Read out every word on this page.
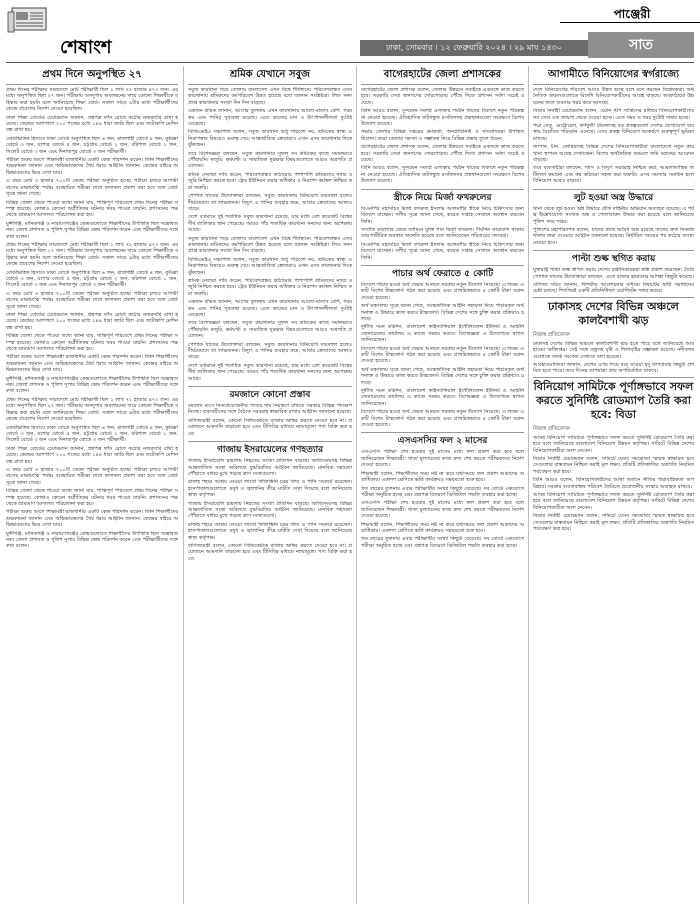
পাঞ্জেরী
শেষাংশ	ঢাকা, সোমবার । ১২ ফেব্রুয়ারি ২০২৪ । ২৯ মাঘ ১৪৩০	সাত
প্রথম দিনে অনুপস্থিত ২৭

প্রথম দিনের পরীক্ষায় সারাদেশে মোট পরীক্ষার্থী ছিল ১ লাখ ৭২ হাজার ৪৭৩ জন। এর মধ্যে অনুপস্থিত ছিল ২৭ জন। পরীক্ষায় অসদুপায় অবলম্বনের দায়ে কোনো শিক্ষার্থীকে বহিষ্কার করা হয়নি বলে জানিয়েছে শিক্ষা বোর্ড। সকাল সাড়ে ৯টার মধ্যে পরীক্ষার্থীদের কেন্দ্রে প্রবেশের নির্দেশ দেওয়া হয়েছিল।

ঢাকা শিক্ষা বোর্ডের চেয়ারম্যান জানান, প্রশ্নপত্র ফাঁস রোধে কঠোর নজরদারি রাখা হয়েছে। কেন্দ্রের আশপাশে ২০০ গজের মধ্যে ১৪৪ ধারা জারি ছিল এবং ফটোকপি মেশিন বন্ধ রাখা হয়।

বোর্ডভিত্তিক হিসাবে ঢাকা বোর্ডে অনুপস্থিত ছিল ৬ জন, রাজশাহী বোর্ডে ৪ জন, কুমিল্লা বোর্ডে ৩ জন, যশোর বোর্ডে ৫ জন, চট্টগ্রাম বোর্ডে ২ জন, বরিশাল বোর্ডে ১ জন, সিলেট বোর্ডে ৩ জন এবং দিনাজপুর বোর্ডে ৩ জন পরীক্ষার্থী।

পরীক্ষা শুরুর আগে শিক্ষামন্ত্রী রাজধানীর একটি কেন্দ্র পরিদর্শন করেন। তিনি শিক্ষার্থীদের শুভকামনা জানান এবং অভিভাবকদের ধৈর্য ধরার আহ্বান জানান। কেন্দ্রের বাইরে অভিভাবকদের ভিড় দেখা যায়।

এ বছর মোট ৩ হাজার ৭০০টি কেন্দ্রে পরীক্ষা অনুষ্ঠিত হচ্ছে। পরীক্ষা চলবে আগামী মাসের মাঝামাঝি পর্যন্ত। ব্যবহারিক পরীক্ষা শেষে ফলাফল প্রকাশ করা হবে বলে বোর্ড সূত্রে জানা গেছে।

বিভিন্ন জেলা থেকে পাওয়া তথ্যে জানা যায়, শান্তিপূর্ণ পরিবেশে প্রথম দিনের পরীক্ষা সম্পন্ন হয়েছে। কোথাও কোনো অপ্রীতিকর ঘটনার খবর পাওয়া যায়নি। প্রশাসনের পক্ষ থেকে ভ্রাম্যমাণ আদালত পরিচালনা করা হয়।

মুন্সীগঞ্জ, মানিকগঞ্জ ও নারায়ণগঞ্জের কেন্দ্রগুলোতে শিক্ষার্থীদের উপস্থিতি ছিল সন্তোষজনক। জেলা প্রশাসক ও পুলিশ সুপার বিভিন্ন কেন্দ্র পরিদর্শন করেন এবং পরীক্ষার্থীদের সঙ্গে কথা বলেন।

প্রথম দিনের পরীক্ষায় সারাদেশে মোট পরীক্ষার্থী ছিল ১ লাখ ৭২ হাজার ৪৭৩ জন। এর মধ্যে অনুপস্থিত ছিল ২৭ জন। পরীক্ষায় অসদুপায় অবলম্বনের দায়ে কোনো শিক্ষার্থীকে বহিষ্কার করা হয়নি বলে জানিয়েছে শিক্ষা বোর্ড। সকাল সাড়ে ৯টার মধ্যে পরীক্ষার্থীদের কেন্দ্রে প্রবেশের নির্দেশ দেওয়া হয়েছিল।

বোর্ডভিত্তিক হিসাবে ঢাকা বোর্ডে অনুপস্থিত ছিল ৬ জন, রাজশাহী বোর্ডে ৪ জন, কুমিল্লা বোর্ডে ৩ জন, যশোর বোর্ডে ৫ জন, চট্টগ্রাম বোর্ডে ২ জন, বরিশাল বোর্ডে ১ জন, সিলেট বোর্ডে ৩ জন এবং দিনাজপুর বোর্ডে ৩ জন পরীক্ষার্থী।

এ বছর মোট ৩ হাজার ৭০০টি কেন্দ্রে পরীক্ষা অনুষ্ঠিত হচ্ছে। পরীক্ষা চলবে আগামী মাসের মাঝামাঝি পর্যন্ত। ব্যবহারিক পরীক্ষা শেষে ফলাফল প্রকাশ করা হবে বলে বোর্ড সূত্রে জানা গেছে।

ঢাকা শিক্ষা বোর্ডের চেয়ারম্যান জানান, প্রশ্নপত্র ফাঁস রোধে কঠোর নজরদারি রাখা হয়েছে। কেন্দ্রের আশপাশে ২০০ গজের মধ্যে ১৪৪ ধারা জারি ছিল এবং ফটোকপি মেশিন বন্ধ রাখা হয়।

বিভিন্ন জেলা থেকে পাওয়া তথ্যে জানা যায়, শান্তিপূর্ণ পরিবেশে প্রথম দিনের পরীক্ষা সম্পন্ন হয়েছে। কোথাও কোনো অপ্রীতিকর ঘটনার খবর পাওয়া যায়নি। প্রশাসনের পক্ষ থেকে ভ্রাম্যমাণ আদালত পরিচালনা করা হয়।

পরীক্ষা শুরুর আগে শিক্ষামন্ত্রী রাজধানীর একটি কেন্দ্র পরিদর্শন করেন। তিনি শিক্ষার্থীদের শুভকামনা জানান এবং অভিভাবকদের ধৈর্য ধরার আহ্বান জানান। কেন্দ্রের বাইরে অভিভাবকদের ভিড় দেখা যায়।

মুন্সীগঞ্জ, মানিকগঞ্জ ও নারায়ণগঞ্জের কেন্দ্রগুলোতে শিক্ষার্থীদের উপস্থিতি ছিল সন্তোষজনক। জেলা প্রশাসক ও পুলিশ সুপার বিভিন্ন কেন্দ্র পরিদর্শন করেন এবং পরীক্ষার্থীদের সঙ্গে কথা বলেন।

প্রথম দিনের পরীক্ষায় সারাদেশে মোট পরীক্ষার্থী ছিল ১ লাখ ৭২ হাজার ৪৭৩ জন। এর মধ্যে অনুপস্থিত ছিল ২৭ জন। পরীক্ষায় অসদুপায় অবলম্বনের দায়ে কোনো শিক্ষার্থীকে বহিষ্কার করা হয়নি বলে জানিয়েছে শিক্ষা বোর্ড। সকাল সাড়ে ৯টার মধ্যে পরীক্ষার্থীদের কেন্দ্রে প্রবেশের নির্দেশ দেওয়া হয়েছিল।

বোর্ডভিত্তিক হিসাবে ঢাকা বোর্ডে অনুপস্থিত ছিল ৬ জন, রাজশাহী বোর্ডে ৪ জন, কুমিল্লা বোর্ডে ৩ জন, যশোর বোর্ডে ৫ জন, চট্টগ্রাম বোর্ডে ২ জন, বরিশাল বোর্ডে ১ জন, সিলেট বোর্ডে ৩ জন এবং দিনাজপুর বোর্ডে ৩ জন পরীক্ষার্থী।

ঢাকা শিক্ষা বোর্ডের চেয়ারম্যান জানান, প্রশ্নপত্র ফাঁস রোধে কঠোর নজরদারি রাখা হয়েছে। কেন্দ্রের আশপাশে ২০০ গজের মধ্যে ১৪৪ ধারা জারি ছিল এবং ফটোকপি মেশিন বন্ধ রাখা হয়।

এ বছর মোট ৩ হাজার ৭০০টি কেন্দ্রে পরীক্ষা অনুষ্ঠিত হচ্ছে। পরীক্ষা চলবে আগামী মাসের মাঝামাঝি পর্যন্ত। ব্যবহারিক পরীক্ষা শেষে ফলাফল প্রকাশ করা হবে বলে বোর্ড সূত্রে জানা গেছে।

বিভিন্ন জেলা থেকে পাওয়া তথ্যে জানা যায়, শান্তিপূর্ণ পরিবেশে প্রথম দিনের পরীক্ষা সম্পন্ন হয়েছে। কোথাও কোনো অপ্রীতিকর ঘটনার খবর পাওয়া যায়নি। প্রশাসনের পক্ষ থেকে ভ্রাম্যমাণ আদালত পরিচালনা করা হয়।

পরীক্ষা শুরুর আগে শিক্ষামন্ত্রী রাজধানীর একটি কেন্দ্র পরিদর্শন করেন। তিনি শিক্ষার্থীদের শুভকামনা জানান এবং অভিভাবকদের ধৈর্য ধরার আহ্বান জানান। কেন্দ্রের বাইরে অভিভাবকদের ভিড় দেখা যায়।

মুন্সীগঞ্জ, মানিকগঞ্জ ও নারায়ণগঞ্জের কেন্দ্রগুলোতে শিক্ষার্থীদের উপস্থিতি ছিল সন্তোষজনক। জেলা প্রশাসক ও পুলিশ সুপার বিভিন্ন কেন্দ্র পরিদর্শন করেন এবং পরীক্ষার্থীদের সঙ্গে কথা বলেন।

শ্রমিক যেখানে সবুজ

সবুজ কারখানা গড়ে তোলায় বাংলাদেশ এখন বিশ্বে শীর্ষস্থানে। পরিবেশবান্ধব এসব কারখানায় শ্রমিকদের কর্মপরিবেশ উন্নত হয়েছে বলে জানান সংশ্লিষ্টরা। লিড সনদপ্রাপ্ত কারখানার সংখ্যা দিন দিন বাড়ছে।

একজন শ্রমিক জানান, আগের তুলনায় এখন কারখানায় আলো-বাতাস বেশি, গরম কম এবং পানির সুব্যবস্থা রয়েছে। এতে কাজের মান ও উৎপাদনশীলতা দুটোই বেড়েছে।

বিজিএমইএ সভাপতি বলেন, সবুজ কারখানা শুধু পরিবেশ নয়, শ্রমিকের স্বাস্থ্য ও নিরাপত্তার বিষয়েও গুরুত্ব দেয়। আন্তর্জাতিক ক্রেতারাও এখন এসব কারখানার দিকে ঝুঁকছেন।

তবে বিশেষজ্ঞরা বলছেন, সবুজ কারখানার সুফল সব শ্রমিকের কাছে সমানভাবে পৌঁছায়নি। মজুরি, কর্মঘণ্টা ও সামাজিক সুরক্ষার বিষয়গুলোতে আরও অগ্রগতি প্রয়োজন।

শ্রমিক নেতারা দাবি করেন, পরিবেশবান্ধব কাঠামোর পাশাপাশি শ্রমিকদের ন্যায্য মজুরি নিশ্চিত করতে হবে। ট্রেড ইউনিয়ন করার অধিকার ও নিরাপদ কর্মস্থল নিশ্চিত করা জরুরি।

পোশাক খাতের উদ্যোক্তারা বলছেন, সবুজ কারখানায় বিনিয়োগ ব্যয়বহুল হলেও দীর্ঘমেয়াদে তা লাভজনক। বিদ্যুৎ ও পানির ব্যবহার কমে, আবার ক্রেতাদের আস্থাও বাড়ে।

দেশে বর্তমানে দুই শতাধিক সবুজ কারখানা রয়েছে, যার মধ্যে বেশ কয়েকটি বিশ্বের শীর্ষ তালিকায় স্থান পেয়েছে। আরও পাঁচ শতাধিক কারখানা সনদের জন্য অপেক্ষায় আছে।

সবুজ কারখানা গড়ে তোলায় বাংলাদেশ এখন বিশ্বে শীর্ষস্থানে। পরিবেশবান্ধব এসব কারখানায় শ্রমিকদের কর্মপরিবেশ উন্নত হয়েছে বলে জানান সংশ্লিষ্টরা। লিড সনদপ্রাপ্ত কারখানার সংখ্যা দিন দিন বাড়ছে।

বিজিএমইএ সভাপতি বলেন, সবুজ কারখানা শুধু পরিবেশ নয়, শ্রমিকের স্বাস্থ্য ও নিরাপত্তার বিষয়েও গুরুত্ব দেয়। আন্তর্জাতিক ক্রেতারাও এখন এসব কারখানার দিকে ঝুঁকছেন।

শ্রমিক নেতারা দাবি করেন, পরিবেশবান্ধব কাঠামোর পাশাপাশি শ্রমিকদের ন্যায্য মজুরি নিশ্চিত করতে হবে। ট্রেড ইউনিয়ন করার অধিকার ও নিরাপদ কর্মস্থল নিশ্চিত করা জরুরি।

একজন শ্রমিক জানান, আগের তুলনায় এখন কারখানায় আলো-বাতাস বেশি, গরম কম এবং পানির সুব্যবস্থা রয়েছে। এতে কাজের মান ও উৎপাদনশীলতা দুটোই বেড়েছে।

তবে বিশেষজ্ঞরা বলছেন, সবুজ কারখানার সুফল সব শ্রমিকের কাছে সমানভাবে পৌঁছায়নি। মজুরি, কর্মঘণ্টা ও সামাজিক সুরক্ষার বিষয়গুলোতে আরও অগ্রগতি প্রয়োজন।

পোশাক খাতের উদ্যোক্তারা বলছেন, সবুজ কারখানায় বিনিয়োগ ব্যয়বহুল হলেও দীর্ঘমেয়াদে তা লাভজনক। বিদ্যুৎ ও পানির ব্যবহার কমে, আবার ক্রেতাদের আস্থাও বাড়ে।

দেশে বর্তমানে দুই শতাধিক সবুজ কারখানা রয়েছে, যার মধ্যে বেশ কয়েকটি বিশ্বের শীর্ষ তালিকায় স্থান পেয়েছে। আরও পাঁচ শতাধিক কারখানা সনদের জন্য অপেক্ষায় আছে।

রমজানে কোনো প্রস্তাব

রমজান মাসে নিত্যপ্রয়োজনীয় পণ্যের দাম নিয়ন্ত্রণে রাখতে সরকার বিভিন্ন পদক্ষেপ নিচ্ছে। ব্যবসায়ীদের সঙ্গে বৈঠকে সরবরাহ স্বাভাবিক রাখার আহ্বান জানানো হয়েছে।

বাণিজ্যমন্ত্রী বলেন, কোনো সিন্ডিকেটকে বাজার অস্থির করতে দেওয়া হবে না। প্রয়োজনে আমদানি বাড়ানো হবে এবং টিসিবির মাধ্যমে ন্যায্যমূল্যে পণ্য বিক্রি করা হবে।

গাজায় ইসরায়েলের গণহত্যার

গাজায় ইসরায়েলি হামলায় নিহতের সংখ্যা প্রতিদিন বাড়ছে। জাতিসংঘসহ বিভিন্ন আন্তর্জাতিক সংস্থা অবিলম্বে যুদ্ধবিরতির আহ্বান জানিয়েছে। মানবিক সহায়তা পৌঁছাতে বাধার মুখে পড়ছে ত্রাণ সংস্থাগুলো।

রাফাহ শহরে আশ্রয় নেওয়া লাখো ফিলিস্তিনি চরম খাদ্য ও পানি সংকটে রয়েছেন। হাসপাতালগুলোতে ওষুধ ও জ্বালানির তীব্র ঘাটতি দেখা দিয়েছে বলে জানিয়েছে স্বাস্থ্য কর্তৃপক্ষ।

গাজায় ইসরায়েলি হামলায় নিহতের সংখ্যা প্রতিদিন বাড়ছে। জাতিসংঘসহ বিভিন্ন আন্তর্জাতিক সংস্থা অবিলম্বে যুদ্ধবিরতির আহ্বান জানিয়েছে। মানবিক সহায়তা পৌঁছাতে বাধার মুখে পড়ছে ত্রাণ সংস্থাগুলো।

রাফাহ শহরে আশ্রয় নেওয়া লাখো ফিলিস্তিনি চরম খাদ্য ও পানি সংকটে রয়েছেন। হাসপাতালগুলোতে ওষুধ ও জ্বালানির তীব্র ঘাটতি দেখা দিয়েছে বলে জানিয়েছে স্বাস্থ্য কর্তৃপক্ষ।

বাণিজ্যমন্ত্রী বলেন, কোনো সিন্ডিকেটকে বাজার অস্থির করতে দেওয়া হবে না। প্রয়োজনে আমদানি বাড়ানো হবে এবং টিসিবির মাধ্যমে ন্যায্যমূল্যে পণ্য বিক্রি করা হবে।

বাগেরহাটের জেলা প্রশাসকের

বাগেরহাটের জেলা প্রশাসক বলেন, জেলার উন্নয়নে সবাইকে একসঙ্গে কাজ করতে হবে। সরকারি সেবা জনগণের দোরগোড়ায় পৌঁছে দিতে প্রশাসন সর্বদা সচেষ্ট রয়েছে।

তিনি আরও বলেন, সুন্দরবন সংলগ্ন এলাকায় পর্যটন খাতের বিকাশে নতুন পরিকল্পনা নেওয়া হয়েছে। ঐতিহাসিক ষাটগম্বুজ মসজিদসহ প্রত্নস্থানগুলো সংরক্ষণে বিশেষ উদ্যোগ রয়েছে।

সভায় জেলার বিভিন্ন দপ্তরের কর্মকর্তা, জনপ্রতিনিধি ও সাংবাদিকরা উপস্থিত ছিলেন। তারা জেলার সমস্যা ও সম্ভাবনা নিয়ে বিভিন্ন প্রস্তাব তুলে ধরেন।

বাগেরহাটের জেলা প্রশাসক বলেন, জেলার উন্নয়নে সবাইকে একসঙ্গে কাজ করতে হবে। সরকারি সেবা জনগণের দোরগোড়ায় পৌঁছে দিতে প্রশাসন সর্বদা সচেষ্ট রয়েছে।

তিনি আরও বলেন, সুন্দরবন সংলগ্ন এলাকায় পর্যটন খাতের বিকাশে নতুন পরিকল্পনা নেওয়া হয়েছে। ঐতিহাসিক ষাটগম্বুজ মসজিদসহ প্রত্নস্থানগুলো সংরক্ষণে বিশেষ উদ্যোগ রয়েছে।

স্ত্রীকে নিয়ে মির্জা ফখরুলের

বিএনপির মহাসচিব মির্জা ফখরুল ইসলাম আলমগীর স্ত্রীকে নিয়ে চিকিৎসার জন্য বিদেশে যাচ্ছেন। দলীয় সূত্রে জানা গেছে, কয়েক সপ্তাহ সেখানে অবস্থান করবেন তিনি।

সম্প্রতি কারাগার থেকে জামিনে মুক্তি পান মির্জা ফখরুল। দীর্ঘদিন কারাবন্দি থাকায় তার শারীরিক অবস্থার অবনতি হয়েছে বলে জানিয়েছেন পরিবারের সদস্যরা।

বিএনপির মহাসচিব মির্জা ফখরুল ইসলাম আলমগীর স্ত্রীকে নিয়ে চিকিৎসার জন্য বিদেশে যাচ্ছেন। দলীয় সূত্রে জানা গেছে, কয়েক সপ্তাহ সেখানে অবস্থান করবেন তিনি।

পাচার অর্থ ফেরাতে ৫ কোটি

বিদেশে পাচার হওয়া অর্থ ফেরত আনতে সরকার নতুন উদ্যোগ নিয়েছে। এ লক্ষ্যে একটি বিশেষ টাস্কফোর্স গঠন করা হয়েছে এবং প্রাথমিকভাবে ৫ কোটি টাকা বরাদ্দ দেওয়া হয়েছে।

অর্থ মন্ত্রণালয় সূত্রে জানা গেছে, আন্তর্জাতিক আইনি সহায়তা নিয়ে পাচারকৃত অর্থ শনাক্ত ও উদ্ধারে কাজ করবে টাস্কফোর্স। বিভিন্ন দেশের সঙ্গে চুক্তি করার প্রক্রিয়াও চলছে।

দুর্নীতি দমন কমিশন, বাংলাদেশ ফাইন্যান্সিয়াল ইন্টেলিজেন্স ইউনিট ও অ্যাটর্নি জেনারেলের কার্যালয় এ কাজে সমন্বয় করবে। বিশেষজ্ঞরা এ উদ্যোগকে স্বাগত জানিয়েছেন।

বিদেশে পাচার হওয়া অর্থ ফেরত আনতে সরকার নতুন উদ্যোগ নিয়েছে। এ লক্ষ্যে একটি বিশেষ টাস্কফোর্স গঠন করা হয়েছে এবং প্রাথমিকভাবে ৫ কোটি টাকা বরাদ্দ দেওয়া হয়েছে।

অর্থ মন্ত্রণালয় সূত্রে জানা গেছে, আন্তর্জাতিক আইনি সহায়তা নিয়ে পাচারকৃত অর্থ শনাক্ত ও উদ্ধারে কাজ করবে টাস্কফোর্স। বিভিন্ন দেশের সঙ্গে চুক্তি করার প্রক্রিয়াও চলছে।

দুর্নীতি দমন কমিশন, বাংলাদেশ ফাইন্যান্সিয়াল ইন্টেলিজেন্স ইউনিট ও অ্যাটর্নি জেনারেলের কার্যালয় এ কাজে সমন্বয় করবে। বিশেষজ্ঞরা এ উদ্যোগকে স্বাগত জানিয়েছেন।

বিদেশে পাচার হওয়া অর্থ ফেরত আনতে সরকার নতুন উদ্যোগ নিয়েছে। এ লক্ষ্যে একটি বিশেষ টাস্কফোর্স গঠন করা হয়েছে এবং প্রাথমিকভাবে ৫ কোটি টাকা বরাদ্দ দেওয়া হয়েছে।

এসএসসির ফল ২ মাসের

এসএসসি পরীক্ষা শেষ হওয়ার দুই মাসের মধ্যে ফল প্রকাশ করা হবে বলে জানিয়েছেন শিক্ষামন্ত্রী। খাতা মূল্যায়নের কাজ দ্রুত শেষ করতে পরীক্ষকদের নির্দেশ দেওয়া হয়েছে।

শিক্ষামন্ত্রী বলেন, শিক্ষার্থীদের সময় নষ্ট না করে যথাসময়ে ফল প্রকাশ আমাদের অগ্রাধিকার। একাদশ শ্রেণিতে ভর্তি কার্যক্রমও সময়মতো শুরু হবে।

গত বছরের তুলনায় এবার পরীক্ষার্থীর সংখ্যা কিছুটা বেড়েছে। সব বোর্ডে একযোগে পরীক্ষা অনুষ্ঠিত হচ্ছে এবং প্রশ্নপত্র বিতরণে ডিজিটাল পদ্ধতি ব্যবহার করা হচ্ছে।

এসএসসি পরীক্ষা শেষ হওয়ার দুই মাসের মধ্যে ফল প্রকাশ করা হবে বলে জানিয়েছেন শিক্ষামন্ত্রী। খাতা মূল্যায়নের কাজ দ্রুত শেষ করতে পরীক্ষকদের নির্দেশ দেওয়া হয়েছে।

শিক্ষামন্ত্রী বলেন, শিক্ষার্থীদের সময় নষ্ট না করে যথাসময়ে ফল প্রকাশ আমাদের অগ্রাধিকার। একাদশ শ্রেণিতে ভর্তি কার্যক্রমও সময়মতো শুরু হবে।

গত বছরের তুলনায় এবার পরীক্ষার্থীর সংখ্যা কিছুটা বেড়েছে। সব বোর্ডে একযোগে পরীক্ষা অনুষ্ঠিত হচ্ছে এবং প্রশ্নপত্র বিতরণে ডিজিটাল পদ্ধতি ব্যবহার করা হচ্ছে।

আগামীতে বিনিয়োগের স্বর্গরাজ্যে

দেশে বিনিয়োগের পরিবেশ আরও উন্নত হচ্ছে বলে মনে করছেন বিশ্লেষকরা। অর্থনৈতিক অঞ্চলগুলোতে বিদেশি বিনিয়োগকারীদের আগ্রহ বাড়ছে। অবকাঠামো উন্নয়নের ফলে ব্যবসার খরচ কমে আসছে।

বিডার নির্বাহী চেয়ারম্যান বলেন, ওয়ান স্টপ সার্ভিসের মাধ্যমে বিনিয়োগকারীদের সব সেবা এক জায়গা থেকে দেওয়া হচ্ছে। এতে সময় ও খরচ দুটোই সাশ্রয় হচ্ছে।

পদ্মা সেতু, মেট্রোরেল, কর্ণফুলী টানেলসহ বড় প্রকল্পগুলো দেশের যোগাযোগ ব্যবস্থায় বৈপ্লবিক পরিবর্তন এনেছে। এসব প্রকল্প বিনিয়োগ আকর্ষণে গুরুত্বপূর্ণ ভূমিকা রাখছে।

জাপান, চীন, কোরিয়াসহ বিভিন্ন দেশের বিনিয়োগকারীরা বাংলাদেশে নতুন কারখানা স্থাপনে আগ্রহ দেখাচ্ছেন। বিশেষ অর্থনৈতিক অঞ্চলে জমি বরাদ্দের আবেদন বাড়ছে।

তবে ব্যবসায়ীরা বলছেন, গ্যাস ও বিদ্যুৎ সরবরাহ নিশ্চিত করা, আমলাতান্ত্রিক জটিলতা কমানো এবং কর কাঠামো সহজ করা জরুরি। এসব সমস্যার সমাধান হলে বিনিয়োগ আরও বাড়বে।

লুট হওয়া অস্ত্র উদ্ধারে

থানা থেকে লুট হওয়া অস্ত্র উদ্ধারে যৌথ বাহিনীর অভিযান অব্যাহত রয়েছে। এ পর্যন্ত উল্লেখযোগ্য সংখ্যক অস্ত্র ও গোলাবারুদ উদ্ধার করা হয়েছে বলে জানিয়েছে পুলিশ সদর দপ্তর।

পুলিশের মহাপরিদর্শক বলেন, যাদের কাছে অবৈধ অস্ত্র রয়েছে তাদের দ্রুত নিকটস্থ থানায় জমা দেওয়ার আহ্বান জানানো হয়েছে। নির্ধারিত সময়ের পর কঠোর ব্যবস্থা নেওয়া হবে।

পাল্টা শুল্ক স্থগিত করায়

যুক্তরাষ্ট্র পাল্টা শুল্ক স্থগিত করায় দেশের রপ্তানিকারকরা স্বস্তি প্রকাশ করেছেন। তৈরি পোশাক খাতের উদ্যোক্তারা বলছেন, এতে বাজার হারানোর আশঙ্কা কিছুটা কমেছে।

বাণিজ্য সচিব জানান, দ্বিপক্ষীয় আলোচনার মাধ্যমে বিষয়টির স্থায়ী সমাধানের চেষ্টা চলছে। শিগগিরই একটি প্রতিনিধিদল ওয়াশিংটন সফর করবে।

ঢাকাসহ দেশের বিভিন্ন অঞ্চলে কালবৈশাখী ঝড়
নিজস্ব প্রতিবেদক

ঢাকাসহ দেশের বিভিন্ন অঞ্চলে কালবৈশাখী ঝড় হতে পারে বলে জানিয়েছে আবহাওয়া অধিদপ্তর। সেই সঙ্গে বজ্রসহ বৃষ্টি ও শিলাবৃষ্টির সম্ভাবনা রয়েছে। নদীবন্দরগুলোকে সতর্ক সংকেত দেখাতে বলা হয়েছে।

আবহাওয়াবিদরা জানান, দেশের ওপর দিয়ে বয়ে যাওয়া মৃদু তাপপ্রবাহ কিছুটা প্রশমিত হতে পারে। তবে দিনের তাপমাত্রা প্রায় অপরিবর্তিত থাকবে।

বিনিয়োগ সামিটকে পূর্ণাঙ্গভাবে সফল করতে সুনির্দিষ্ট রোডম্যাপ তৈরি করা হবে: বিডা
নিজস্ব প্রতিবেদক

আসন্ন বিনিয়োগ সামিটকে পূর্ণাঙ্গভাবে সফল করতে সুনির্দিষ্ট রোডম্যাপ তৈরি করা হবে বলে জানিয়েছে বাংলাদেশ বিনিয়োগ উন্নয়ন কর্তৃপক্ষ। সামিটে বিভিন্ন দেশের বিনিয়োগকারীরা অংশ নেবেন।

বিডার নির্বাহী চেয়ারম্যান বলেন, সামিটে যেসব সমঝোতা স্মারক স্বাক্ষরিত হবে সেগুলোর বাস্তবায়ন নিশ্চিত করাই মূল লক্ষ্য। প্রতিটি প্রতিশ্রুতির অগ্রগতি নিয়মিত পর্যবেক্ষণ করা হবে।

তিনি আরও বলেন, বিনিয়োগকারীদের আস্থা অর্জনে নীতির ধারাবাহিকতা অপরিহার্য। সরকার ব্যবসাবান্ধব পরিবেশ তৈরিতে প্রয়োজনীয় সংস্কার অব্যাহত রাখবে।

আসন্ন বিনিয়োগ সামিটকে পূর্ণাঙ্গভাবে সফল করতে সুনির্দিষ্ট রোডম্যাপ তৈরি করা হবে বলে জানিয়েছে বাংলাদেশ বিনিয়োগ উন্নয়ন কর্তৃপক্ষ। সামিটে বিভিন্ন দেশের বিনিয়োগকারীরা অংশ নেবেন।

বিডার নির্বাহী চেয়ারম্যান বলেন, সামিটে যেসব সমঝোতা স্মারক স্বাক্ষরিত হবে সেগুলোর বাস্তবায়ন নিশ্চিত করাই মূল লক্ষ্য। প্রতিটি প্রতিশ্রুতির অগ্রগতি নিয়মিত পর্যবেক্ষণ করা হবে।
